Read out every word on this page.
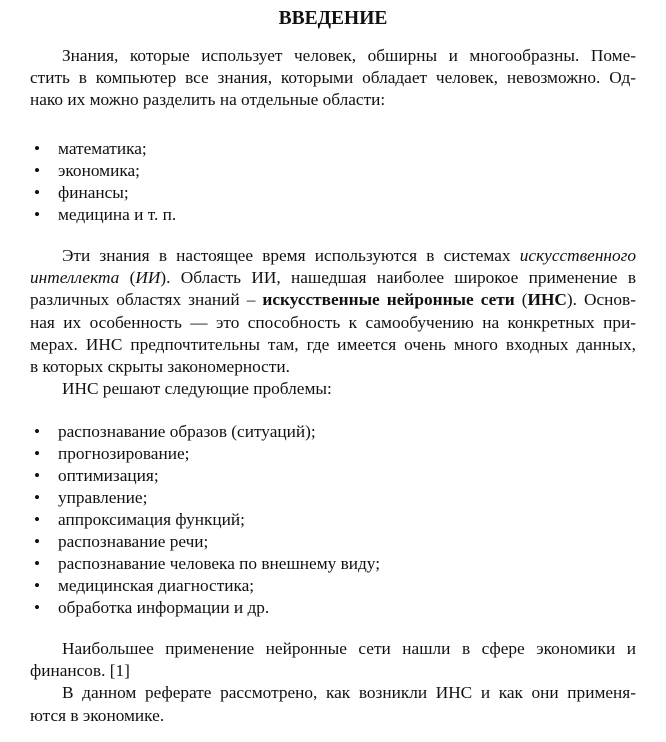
ВВЕДЕНИЕ
Знания, которые использует человек, обширны и многообразны. Поме-
стить в компьютер все знания, которыми обладает человек, невозможно. Од-
нако их можно разделить на отдельные области:
• математика;
• экономика;
• финансы;
• медицина и т. п.
Эти знания в настоящее время используются в системах искусственного
интеллекта (ИИ). Область ИИ, нашедшая наиболее широкое применение в
различных областях знаний – искусственные нейронные сети (ИНС). Основ-
ная их особенность — это способность к самообучению на конкретных при-
мерах. ИНС предпочтительны там, где имеется очень много входных данных,
в которых скрыты закономерности.
ИНС решают следующие проблемы:
• распознавание образов (ситуаций);
• прогнозирование;
• оптимизация;
• управление;
• аппроксимация функций;
• распознавание речи;
• распознавание человека по внешнему виду;
• медицинская диагностика;
• обработка информации и др.
Наибольшее применение нейронные сети нашли в сфере экономики и
финансов. [1]
В данном реферате рассмотрено, как возникли ИНС и как они применя-
ются в экономике.
